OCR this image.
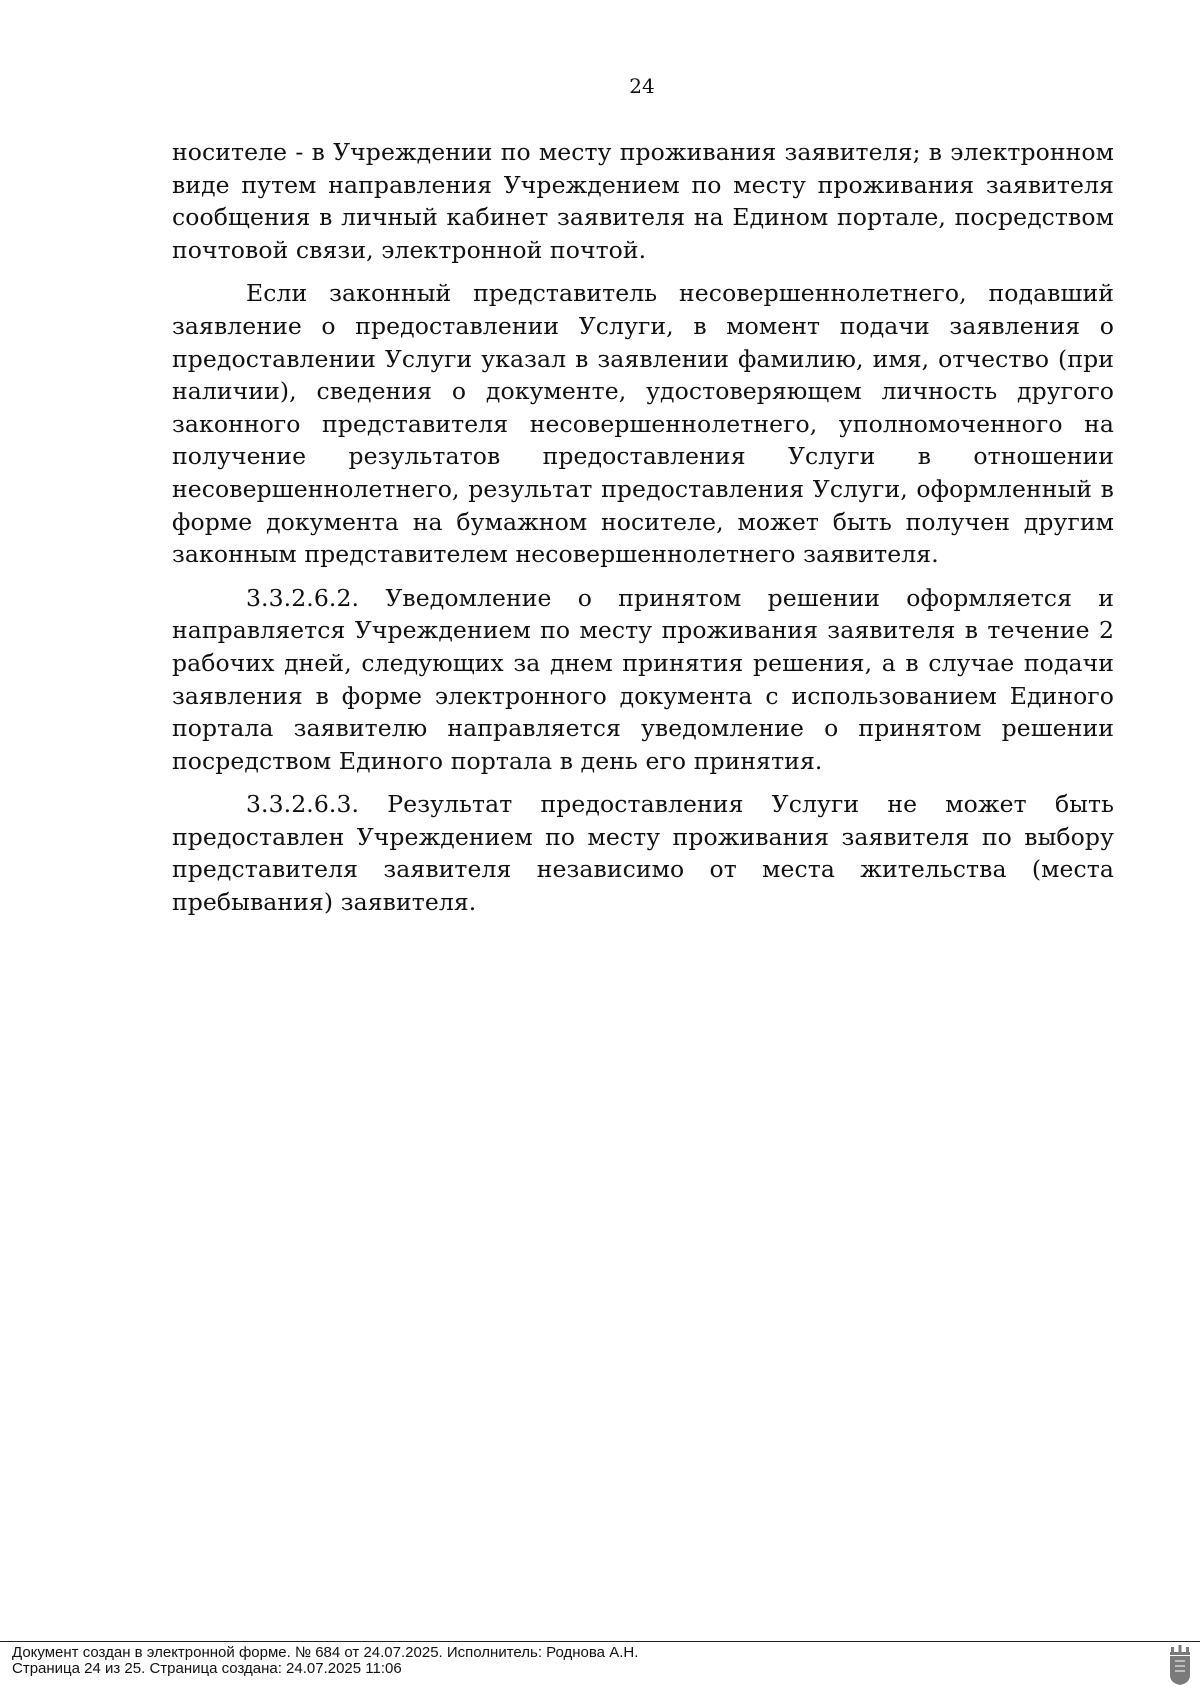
24

носителе - в Учреждении по месту проживания заявителя; в электронном виде путем направления Учреждением по месту проживания заявителя сообщения в личный кабинет заявителя на Едином портале, посредством почтовой связи, электронной почтой.

Если законный представитель несовершеннолетнего, подавший заявление о предоставлении Услуги, в момент подачи заявления о предоставлении Услуги указал в заявлении фамилию, имя, отчество (при наличии), сведения о документе, удостоверяющем личность другого законного представителя несовершеннолетнего, уполномоченного на получение результатов предоставления Услуги в отношении несовершеннолетнего, результат предоставления Услуги, оформленный в форме документа на бумажном носителе, может быть получен другим законным представителем несовершеннолетнего заявителя.

3.3.2.6.2. Уведомление о принятом решении оформляется и направляется Учреждением по месту проживания заявителя в течение 2 рабочих дней, следующих за днем принятия решения, а в случае подачи заявления в форме электронного документа с использованием Единого портала заявителю направляется уведомление о принятом решении посредством Единого портала в день его принятия.

3.3.2.6.3. Результат предоставления Услуги не может быть предоставлен Учреждением по месту проживания заявителя по выбору представителя заявителя независимо от места жительства (места пребывания) заявителя.

Документ создан в электронной форме. № 684 от 24.07.2025. Исполнитель: Роднова А.Н.
Страница 24 из 25. Страница создана: 24.07.2025 11:06
